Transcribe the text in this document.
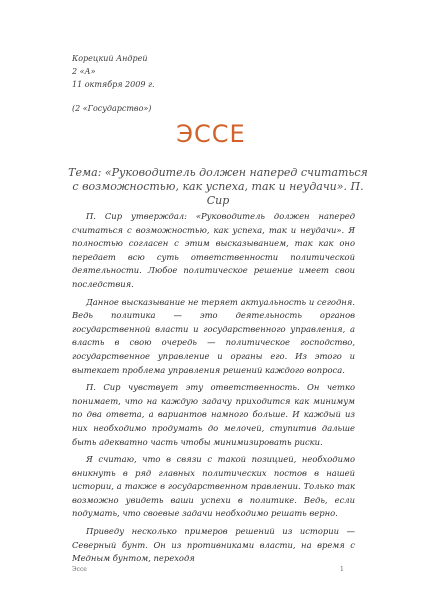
Корецкий Андрей
2 «А»
11 октября 2009 г.
(2 «Государство»)
ЭССЕ
Тема: «Руководитель должен наперед считаться с возможностью, как успеха, так и неудачи». П. Сир

П. Сир утверждал: «Руководитель должен наперед считаться с возможностью, как успеха, так и неудачи». Я полностью согласен с этим высказыванием, так как оно передает всю суть ответственности политической деятельности. Любое политическое решение имеет свои последствия.

Данное высказывание не теряет актуальность и сегодня. Ведь политика — это деятельность органов государственной власти и государственного управления, а власть в свою очередь — политическое господство, государственное управление и органы его. Из этого и вытекает проблема управления решений каждого вопроса.

П. Сир чувствует эту ответственность. Он четко понимает, что на каждую задачу приходится как минимум по два ответа, а вариантов намного больше. И каждый из них необходимо продумать до мелочей, ступитив дальше быть адекватно часть чтобы минимизировать риски.

Я считаю, что в связи с такой позицией, необходимо вникнуть в ряд главных политических постов в нашей истории, а также в государственном правлении. Только так возможно увидеть ваши успехи в политике. Ведь, если подумать, что своевые задачи необходимо решать верно.

Приведу несколько примеров решений из истории — Северный бунт. Он из противниками власти, на время с Медным бунтом, переходя

Эссе	1
